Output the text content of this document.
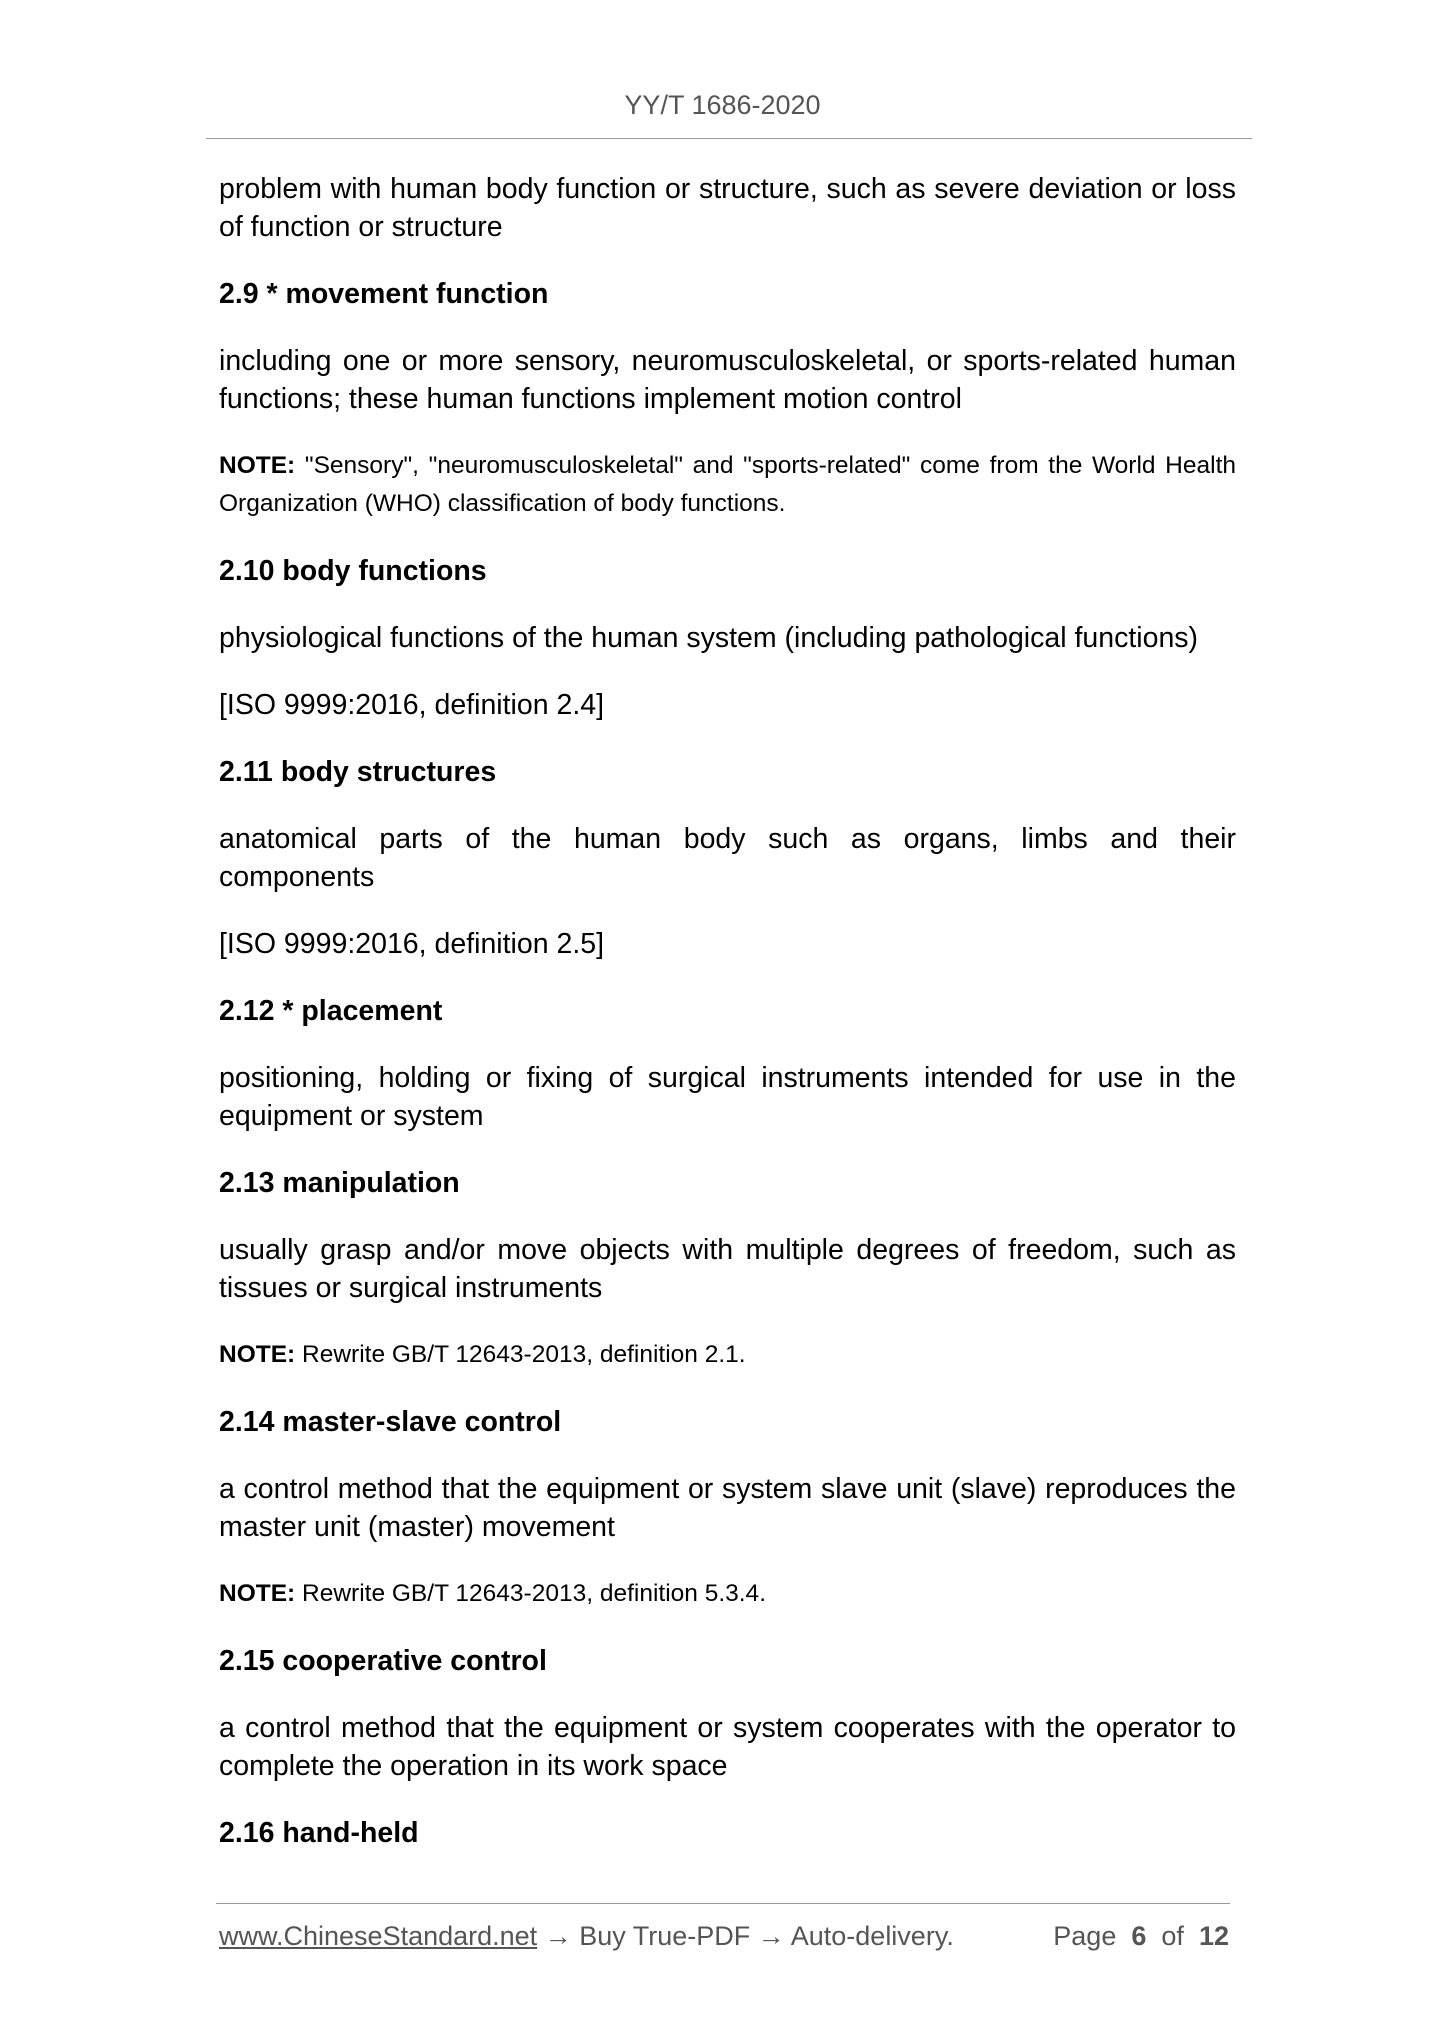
YY/T 1686-2020

problem with human body function or structure, such as severe deviation or loss of function or structure

2.9 * movement function

including one or more sensory, neuromusculoskeletal, or sports-related human functions; these human functions implement motion control

NOTE: "Sensory", "neuromusculoskeletal" and "sports-related" come from the World Health Organization (WHO) classification of body functions.

2.10 body functions

physiological functions of the human system (including pathological functions)

[ISO 9999:2016, definition 2.4]

2.11 body structures

anatomical parts of the human body such as organs, limbs and their components

[ISO 9999:2016, definition 2.5]

2.12 * placement

positioning, holding or fixing of surgical instruments intended for use in the equipment or system

2.13 manipulation

usually grasp and/or move objects with multiple degrees of freedom, such as tissues or surgical instruments

NOTE: Rewrite GB/T 12643-2013, definition 2.1.

2.14 master-slave control

a control method that the equipment or system slave unit (slave) reproduces the master unit (master) movement

NOTE: Rewrite GB/T 12643-2013, definition 5.3.4.

2.15 cooperative control

a control method that the equipment or system cooperates with the operator to complete the operation in its work space

2.16 hand-held
www.ChineseStandard.net → Buy True-PDF → Auto-delivery.	Page 6 of 12
